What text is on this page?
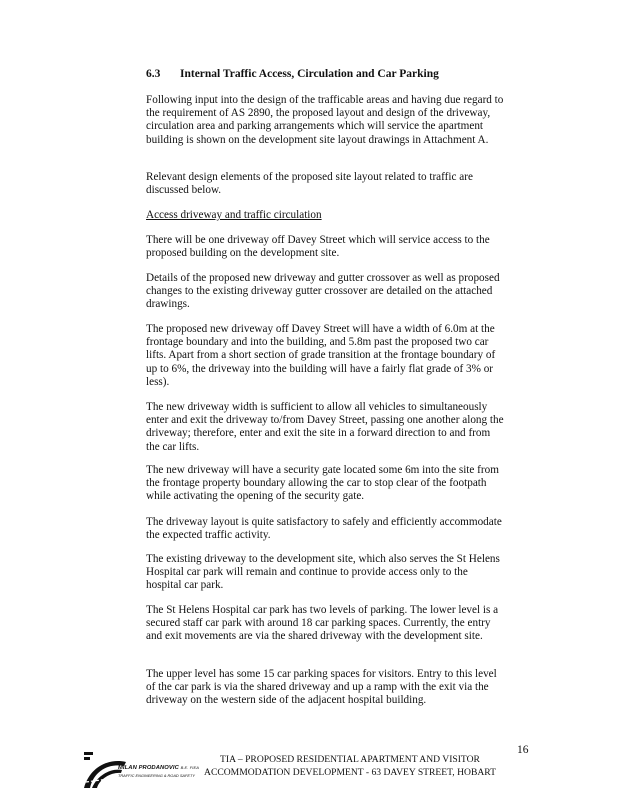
6.3 Internal Traffic Access, Circulation and Car Parking

Following input into the design of the trafficable areas and having due regard to the requirement of AS 2890, the proposed layout and design of the driveway, circulation area and parking arrangements which will service the apartment building is shown on the development site layout drawings in Attachment A.

Relevant design elements of the proposed site layout related to traffic are discussed below.

Access driveway and traffic circulation

There will be one driveway off Davey Street which will service access to the proposed building on the development site.

Details of the proposed new driveway and gutter crossover as well as proposed changes to the existing driveway gutter crossover are detailed on the attached drawings.

The proposed new driveway off Davey Street will have a width of 6.0m at the frontage boundary and into the building, and 5.8m past the proposed two car lifts. Apart from a short section of grade transition at the frontage boundary of up to 6%, the driveway into the building will have a fairly flat grade of 3% or less).

The new driveway width is sufficient to allow all vehicles to simultaneously enter and exit the driveway to/from Davey Street, passing one another along the driveway; therefore, enter and exit the site in a forward direction to and from the car lifts.

The new driveway will have a security gate located some 6m into the site from the frontage property boundary allowing the car to stop clear of the footpath while activating the opening of the security gate.

The driveway layout is quite satisfactory to safely and efficiently accommodate the expected traffic activity.

The existing driveway to the development site, which also serves the St Helens Hospital car park will remain and continue to provide access only to the hospital car park.

The St Helens Hospital car park has two levels of parking. The lower level is a secured staff car park with around 18 car parking spaces. Currently, the entry and exit movements are via the shared driveway with the development site.

The upper level has some 15 car parking spaces for visitors. Entry to this level of the car park is via the shared driveway and up a ramp with the exit via the driveway on the western side of the adjacent hospital building.

16
MILAN PRODANOVIC B.E. FIEA
TRAFFIC ENGINEERING & ROAD SAFETY
TIA – PROPOSED RESIDENTIAL APARTMENT AND VISITOR
ACCOMMODATION DEVELOPMENT - 63 DAVEY STREET, HOBART
